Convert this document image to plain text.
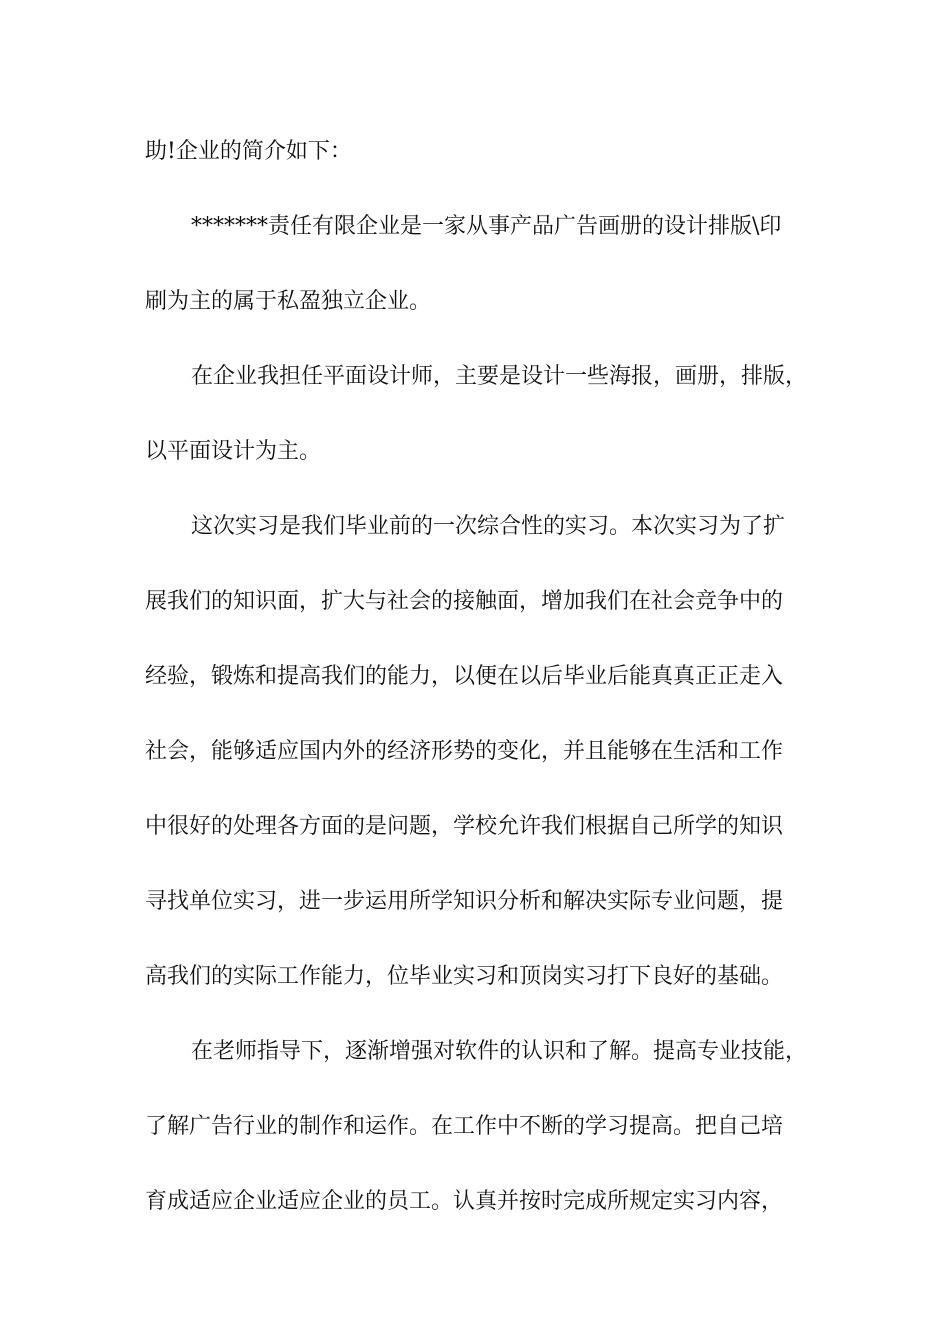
助!企业的简介如下：
*******责任有限企业是一家从事产品广告画册的设计排版\印
刷为主的属于私盈独立企业。
在企业我担任平面设计师，主要是设计一些海报，画册，排版，
以平面设计为主。
这次实习是我们毕业前的一次综合性的实习。本次实习为了扩
展我们的知识面，扩大与社会的接触面，增加我们在社会竞争中的
经验，锻炼和提高我们的能力，以便在以后毕业后能真真正正走入
社会，能够适应国内外的经济形势的变化，并且能够在生活和工作
中很好的处理各方面的是问题，学校允许我们根据自己所学的知识
寻找单位实习，进一步运用所学知识分析和解决实际专业问题，提
高我们的实际工作能力，位毕业实习和顶岗实习打下良好的基础。
在老师指导下，逐渐增强对软件的认识和了解。提高专业技能，
了解广告行业的制作和运作。在工作中不断的学习提高。把自己培
育成适应企业适应企业的员工。认真并按时完成所规定实习内容，
